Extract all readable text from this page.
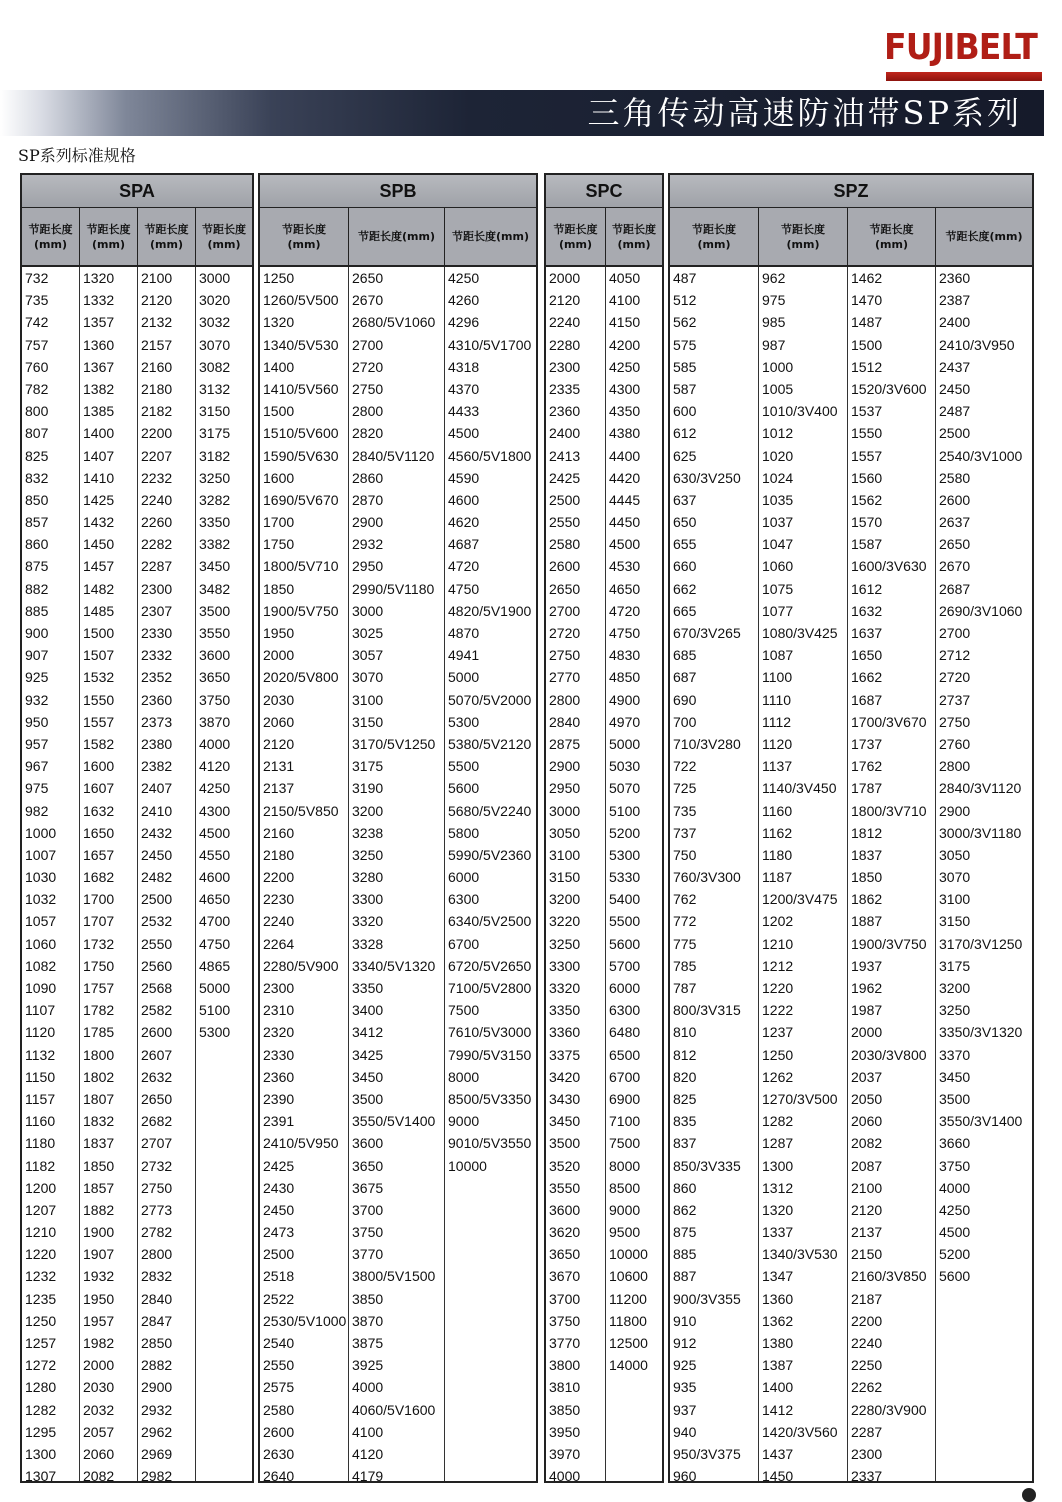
FUJIBELT
三角传动高速防油带SP系列
SP系列标准规格
SPA
节距长度
(mm)
节距长度
(mm)
节距长度
(mm)
节距长度
(mm)
732
735
742
757
760
782
800
807
825
832
850
857
860
875
882
885
900
907
925
932
950
957
967
975
982
1000
1007
1030
1032
1057
1060
1082
1090
1107
1120
1132
1150
1157
1160
1180
1182
1200
1207
1210
1220
1232
1235
1250
1257
1272
1280
1282
1295
1300
1307
1320
1332
1357
1360
1367
1382
1385
1400
1407
1410
1425
1432
1450
1457
1482
1485
1500
1507
1532
1550
1557
1582
1600
1607
1632
1650
1657
1682
1700
1707
1732
1750
1757
1782
1785
1800
1802
1807
1832
1837
1850
1857
1882
1900
1907
1932
1950
1957
1982
2000
2030
2032
2057
2060
2082
2100
2120
2132
2157
2160
2180
2182
2200
2207
2232
2240
2260
2282
2287
2300
2307
2330
2332
2352
2360
2373
2380
2382
2407
2410
2432
2450
2482
2500
2532
2550
2560
2568
2582
2600
2607
2632
2650
2682
2707
2732
2750
2773
2782
2800
2832
2840
2847
2850
2882
2900
2932
2962
2969
2982
3000
3020
3032
3070
3082
3132
3150
3175
3182
3250
3282
3350
3382
3450
3482
3500
3550
3600
3650
3750
3870
4000
4120
4250
4300
4500
4550
4600
4650
4700
4750
4865
5000
5100
5300
SPB
节距长度
(mm)
节距长度(mm)	节距长度(mm)
1250
1260/5V500
1320
1340/5V530
1400
1410/5V560
1500
1510/5V600
1590/5V630
1600
1690/5V670
1700
1750
1800/5V710
1850
1900/5V750
1950
2000
2020/5V800
2030
2060
2120
2131
2137
2150/5V850
2160
2180
2200
2230
2240
2264
2280/5V900
2300
2310
2320
2330
2360
2390
2391
2410/5V950
2425
2430
2450
2473
2500
2518
2522
2530/5V1000
2540
2550
2575
2580
2600
2630
2640
2650
2670
2680/5V1060
2700
2720
2750
2800
2820
2840/5V1120
2860
2870
2900
2932
2950
2990/5V1180
3000
3025
3057
3070
3100
3150
3170/5V1250
3175
3190
3200
3238
3250
3280
3300
3320
3328
3340/5V1320
3350
3400
3412
3425
3450
3500
3550/5V1400
3600
3650
3675
3700
3750
3770
3800/5V1500
3850
3870
3875
3925
4000
4060/5V1600
4100
4120
4179
4250
4260
4296
4310/5V1700
4318
4370
4433
4500
4560/5V1800
4590
4600
4620
4687
4720
4750
4820/5V1900
4870
4941
5000
5070/5V2000
5300
5380/5V2120
5500
5600
5680/5V2240
5800
5990/5V2360
6000
6300
6340/5V2500
6700
6720/5V2650
7100/5V2800
7500
7610/5V3000
7990/5V3150
8000
8500/5V3350
9000
9010/5V3550
10000
SPC
节距长度
(mm)
节距长度
(mm)
2000
2120
2240
2280
2300
2335
2360
2400
2413
2425
2500
2550
2580
2600
2650
2700
2720
2750
2770
2800
2840
2875
2900
2950
3000
3050
3100
3150
3200
3220
3250
3300
3320
3350
3360
3375
3420
3430
3450
3500
3520
3550
3600
3620
3650
3670
3700
3750
3770
3800
3810
3850
3950
3970
4000
4050
4100
4150
4200
4250
4300
4350
4380
4400
4420
4445
4450
4500
4530
4650
4720
4750
4830
4850
4900
4970
5000
5030
5070
5100
5200
5300
5330
5400
5500
5600
5700
6000
6300
6480
6500
6700
6900
7100
7500
8000
8500
9000
9500
10000
10600
11200
11800
12500
14000
SPZ
节距长度
(mm)
节距长度
(mm)
节距长度
(mm)
节距长度(mm)
487
512
562
575
585
587
600
612
625
630/3V250
637
650
655
660
662
665
670/3V265
685
687
690
700
710/3V280
722
725
735
737
750
760/3V300
762
772
775
785
787
800/3V315
810
812
820
825
835
837
850/3V335
860
862
875
885
887
900/3V355
910
912
925
935
937
940
950/3V375
960
962
975
985
987
1000
1005
1010/3V400
1012
1020
1024
1035
1037
1047
1060
1075
1077
1080/3V425
1087
1100
1110
1112
1120
1137
1140/3V450
1160
1162
1180
1187
1200/3V475
1202
1210
1212
1220
1222
1237
1250
1262
1270/3V500
1282
1287
1300
1312
1320
1337
1340/3V530
1347
1360
1362
1380
1387
1400
1412
1420/3V560
1437
1450
1462
1470
1487
1500
1512
1520/3V600
1537
1550
1557
1560
1562
1570
1587
1600/3V630
1612
1632
1637
1650
1662
1687
1700/3V670
1737
1762
1787
1800/3V710
1812
1837
1850
1862
1887
1900/3V750
1937
1962
1987
2000
2030/3V800
2037
2050
2060
2082
2087
2100
2120
2137
2150
2160/3V850
2187
2200
2240
2250
2262
2280/3V900
2287
2300
2337
2360
2387
2400
2410/3V950
2437
2450
2487
2500
2540/3V1000
2580
2600
2637
2650
2670
2687
2690/3V1060
2700
2712
2720
2737
2750
2760
2800
2840/3V1120
2900
3000/3V1180
3050
3070
3100
3150
3170/3V1250
3175
3200
3250
3350/3V1320
3370
3450
3500
3550/3V1400
3660
3750
4000
4250
4500
5200
5600
